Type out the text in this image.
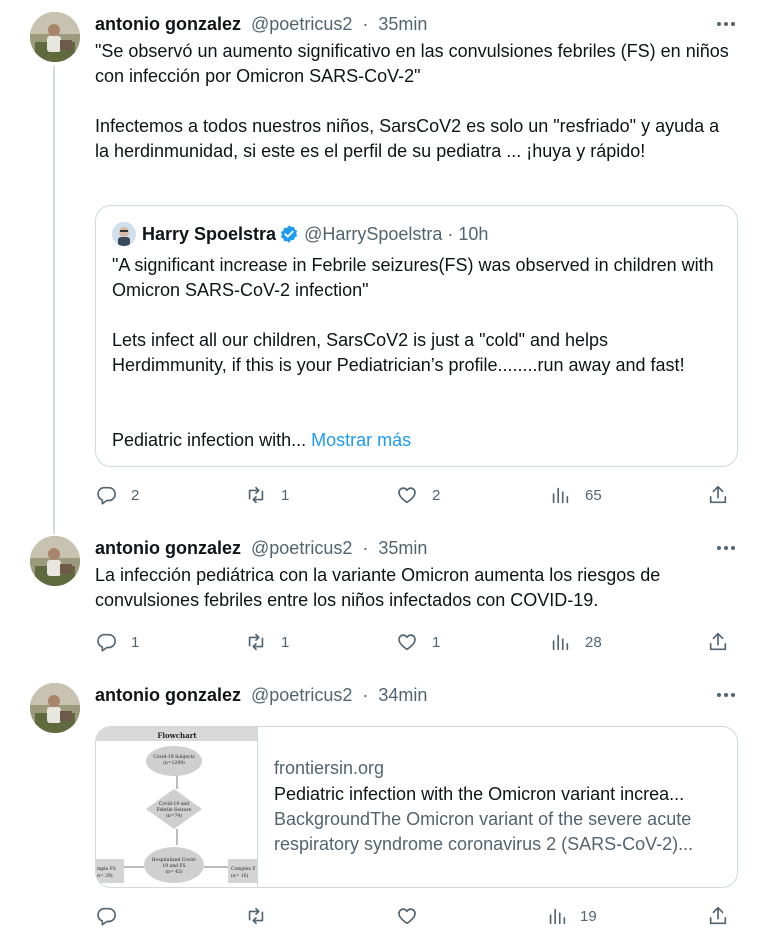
antonio gonzalez @poetricus2 · 35min
"Se observó un aumento significativo en las convulsiones febriles (FS) en niños con infección por Omicron SARS-CoV-2"

Infectemos a todos nuestros niños, SarsCoV2 es solo un "resfriado" y ayuda a la herdinmunidad, si este es el perfil de su pediatra ... ¡huya y rápido!
Harry Spoelstra @HarrySpoelstra · 10h
"A significant increase in Febrile seizures(FS) was observed in children with Omicron SARS-CoV-2 infection"

Lets infect all our children, SarsCoV2 is just a "cold" and helps Herdimmunity, if this is your Pediatrician’s profile........run away and fast!
Pediatric infection with... Mostrar más
2	1	2	65
antonio gonzalez @poetricus2 · 35min
La infección pediátrica con la variante Omicron aumenta los riesgos de convulsiones febriles entre los niños infectados con COVID-19.
1	1	1	28
antonio gonzalez @poetricus2 · 34min
Flowchart
Covid-19 Subjects
(n=1209)
Covid-19 and
Febrile Seizure
(n=74)
Hospitalized Covid-
19 and FS
(n= 45)
mple FS
n= 29)
Complex F
(n= 16)
frontiersin.org
Pediatric infection with the Omicron variant increa...
BackgroundThe Omicron variant of the severe acute respiratory syndrome coronavirus 2 (SARS-CoV-2)...
19
